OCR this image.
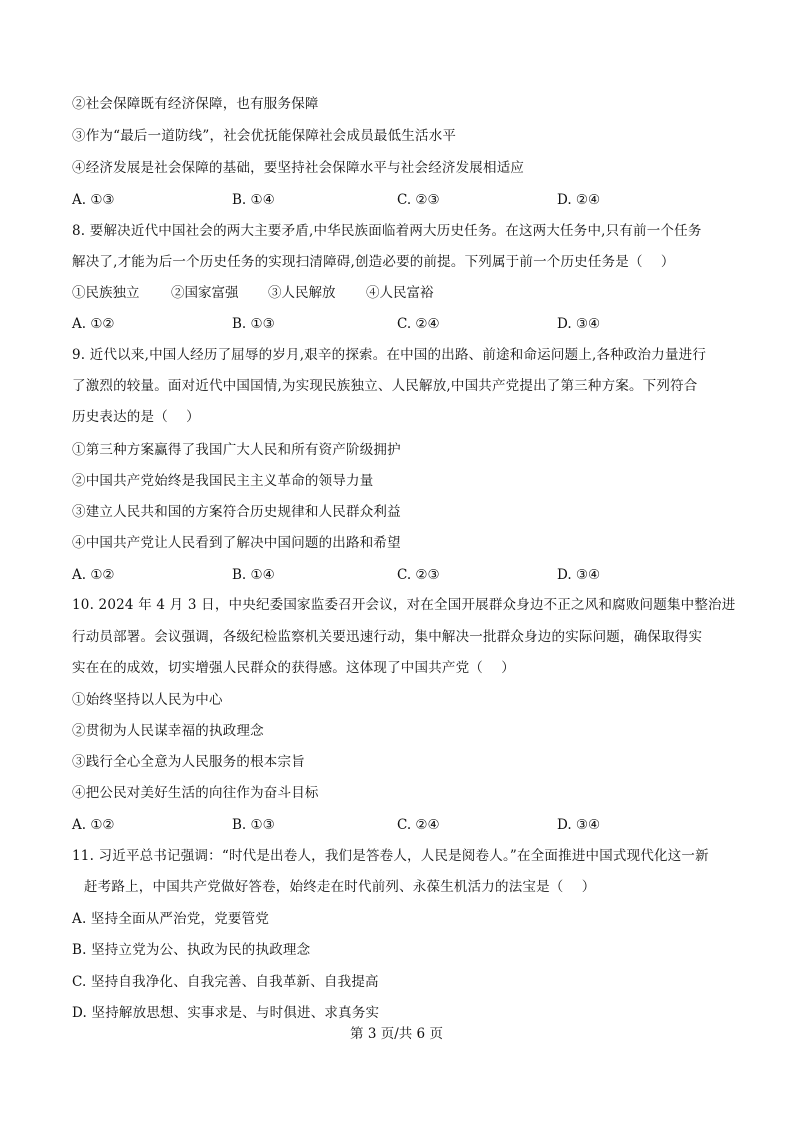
②社会保障既有经济保障，也有服务保障
③作为“最后一道防线”，社会优抚能保障社会成员最低生活水平
④经济发展是社会保障的基础，要坚持社会保障水平与社会经济发展相适应
A. ①③	B. ①④	C. ②③	D. ②④
8. 要解决近代中国社会的两大主要矛盾,中华民族面临着两大历史任务。在这两大任务中,只有前一个任务
解决了,才能为后一个历史任务的实现扫清障碍,创造必要的前提。下列属于前一个历史任务是（　 ）
①民族独立 ②国家富强 ③人民解放 ④人民富裕
A. ①②	B. ①③	C. ②④	D. ③④
9. 近代以来,中国人经历了屈辱的岁月,艰辛的探索。在中国的出路、前途和命运问题上,各种政治力量进行
了激烈的较量。面对近代中国国情,为实现民族独立、人民解放,中国共产党提出了第三种方案。下列符合
历史表达的是（　 ）
①第三种方案赢得了我国广大人民和所有资产阶级拥护
②中国共产党始终是我国民主主义革命的领导力量
③建立人民共和国的方案符合历史规律和人民群众利益
④中国共产党让人民看到了解决中国问题的出路和希望
A. ①②	B. ①④	C. ②③	D. ③④
10. 2024 年 4 月 3 日，中央纪委国家监委召开会议，对在全国开展群众身边不正之风和腐败问题集中整治进
行动员部署。会议强调，各级纪检监察机关要迅速行动，集中解决一批群众身边的实际问题，确保取得实
实在在的成效，切实增强人民群众的获得感。这体现了中国共产党（　 ）
①始终坚持以人民为中心
②贯彻为人民谋幸福的执政理念
③践行全心全意为人民服务的根本宗旨
④把公民对美好生活的向往作为奋斗目标
A. ①②	B. ①③	C. ②④	D. ③④
11. 习近平总书记强调：“时代是出卷人，我们是答卷人，人民是阅卷人。”在全面推进中国式现代化这一新
赶考路上，中国共产党做好答卷，始终走在时代前列、永葆生机活力的法宝是（　 ）
A. 坚持全面从严治党，党要管党
B. 坚持立党为公、执政为民的执政理念
C. 坚持自我净化、自我完善、自我革新、自我提高
D. 坚持解放思想、实事求是、与时俱进、求真务实
第 3 页/共 6 页
